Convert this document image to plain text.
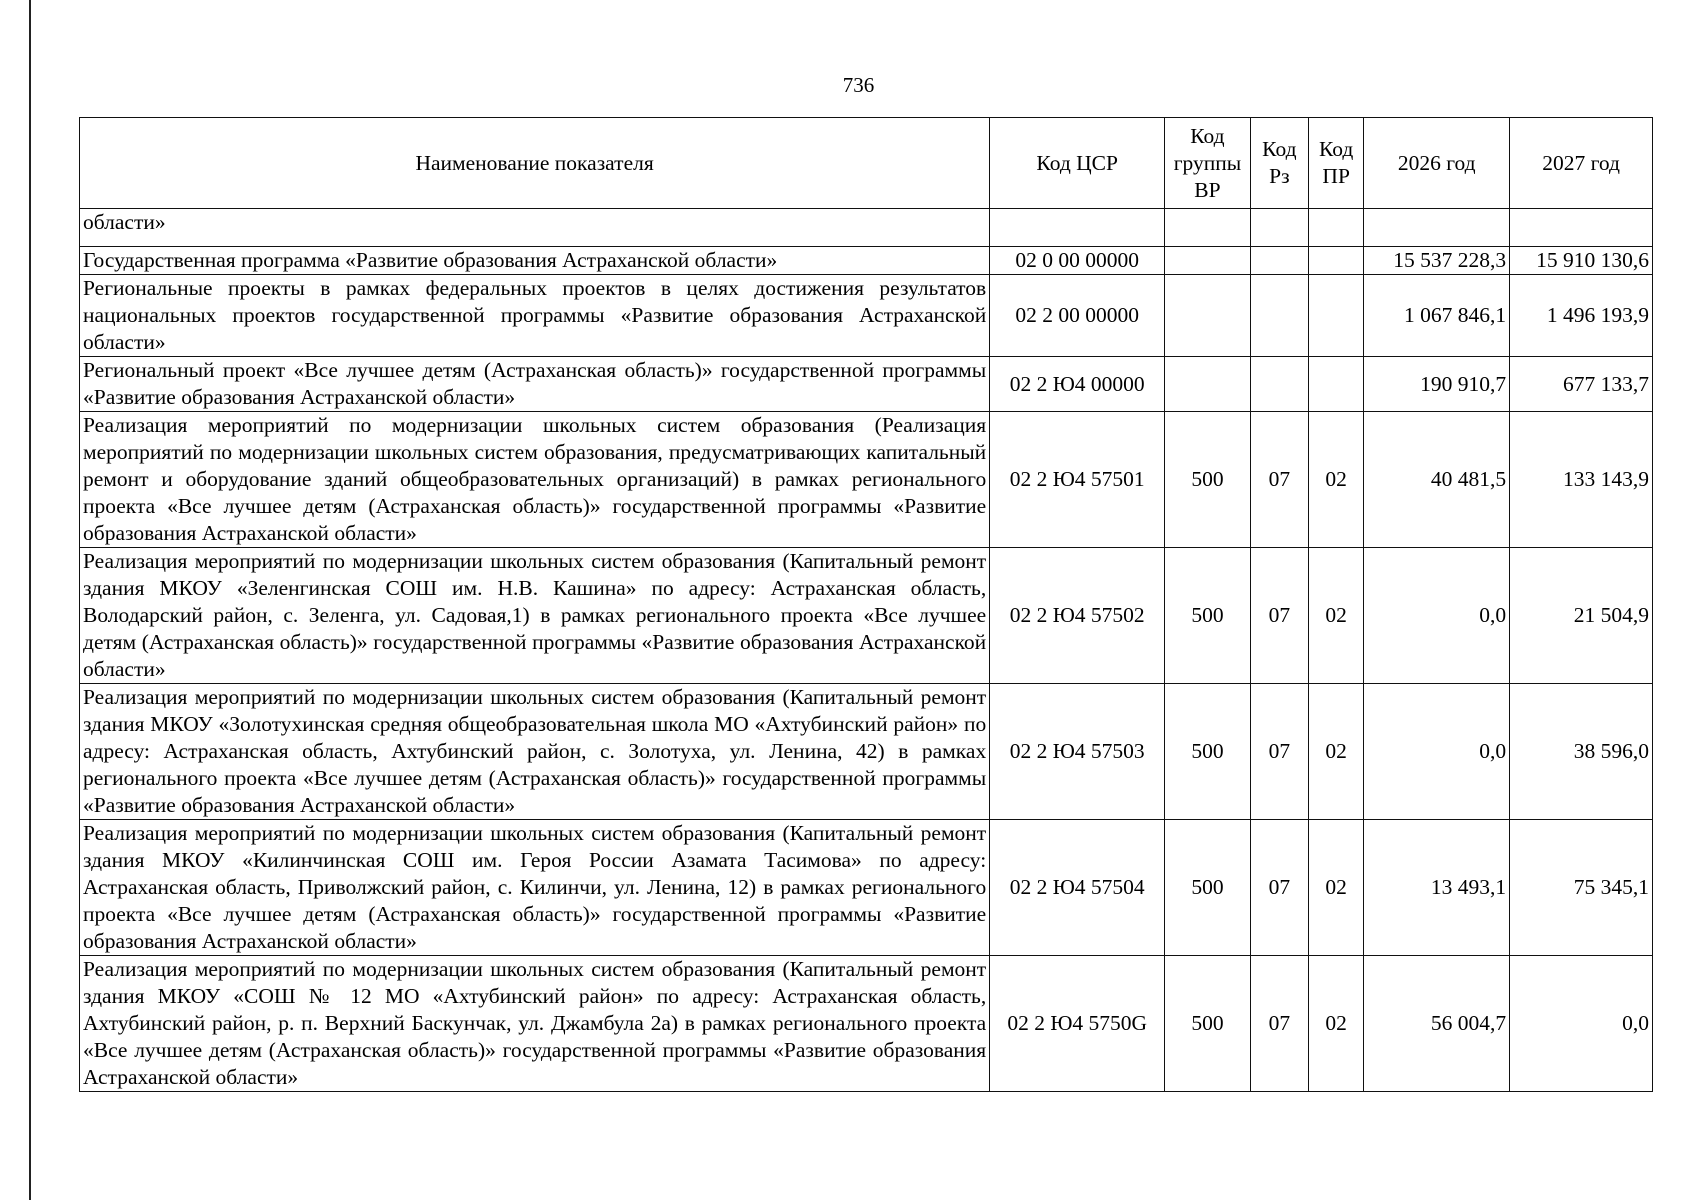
736
Наименование показателя	Код ЦСР	Код группы ВР	Код Рз	Код ПР	2026 год	2027 год
области»						
Государственная программа «Развитие образования Астраханской области»	02 0 00 00000				15 537 228,3	15 910 130,6
Региональные проекты в рамках федеральных проектов в целях достижения результатов национальных проектов государственной программы «Развитие образования Астраханской области»	02 2 00 00000				1 067 846,1	1 496 193,9
Региональный проект «Все лучшее детям (Астраханская область)» государственной программы «Развитие образования Астраханской области»	02 2 Ю4 00000				190 910,7	677 133,7
Реализация мероприятий по модернизации школьных систем образования (Реализация мероприятий по модернизации школьных систем образования, предусматривающих капитальный ремонт и оборудование зданий общеобразовательных организаций) в рамках регионального проекта «Все лучшее детям (Астраханская область)» государственной программы «Развитие образования Астраханской области»	02 2 Ю4 57501	500	07	02	40 481,5	133 143,9
Реализация мероприятий по модернизации школьных систем образования (Капитальный ремонт здания МКОУ «Зеленгинская СОШ им. Н.В. Кашина» по адресу: Астраханская область, Володарский район, с. Зеленга, ул. Садовая,1) в рамках регионального проекта «Все лучшее детям (Астраханская область)» государственной программы «Развитие образования Астраханской области»	02 2 Ю4 57502	500	07	02	0,0	21 504,9
Реализация мероприятий по модернизации школьных систем образования (Капитальный ремонт здания МКОУ «Золотухинская средняя общеобразовательная школа МО «Ахтубинский район» по адресу: Астраханская область, Ахтубинский район, с. Золотуха, ул. Ленина, 42) в рамках регионального проекта «Все лучшее детям (Астраханская область)» государственной программы «Развитие образования Астраханской области»	02 2 Ю4 57503	500	07	02	0,0	38 596,0
Реализация мероприятий по модернизации школьных систем образования (Капитальный ремонт здания МКОУ «Килинчинская СОШ им. Героя России Азамата Тасимова» по адресу: Астраханская область, Приволжский район, с. Килинчи, ул. Ленина, 12) в рамках регионального проекта «Все лучшее детям (Астраханская область)» государственной программы «Развитие образования Астраханской области»	02 2 Ю4 57504	500	07	02	13 493,1	75 345,1
Реализация мероприятий по модернизации школьных систем образования (Капитальный ремонт здания МКОУ «СОШ № 12 МО «Ахтубинский район» по адресу: Астраханская область, Ахтубинский район, р. п. Верхний Баскунчак, ул. Джамбула 2а) в рамках регионального проекта «Все лучшее детям (Астраханская область)» государственной программы «Развитие образования Астраханской области»	02 2 Ю4 5750G	500	07	02	56 004,7	0,0
